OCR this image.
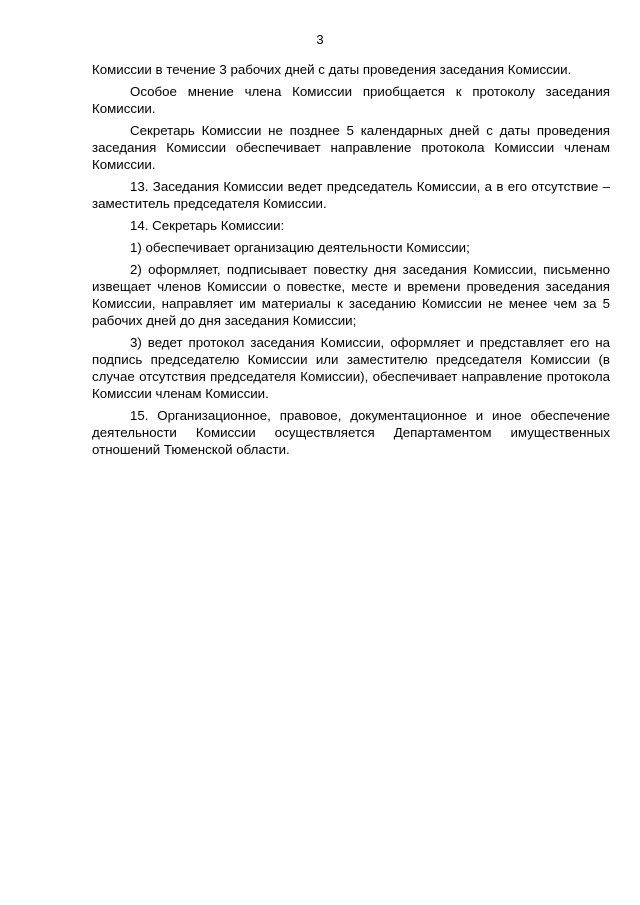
3

Комиссии в течение 3 рабочих дней с даты проведения заседания Комиссии.

Особое мнение члена Комиссии приобщается к протоколу заседания Комиссии.

Секретарь Комиссии не позднее 5 календарных дней с даты проведения заседания Комиссии обеспечивает направление протокола Комиссии членам Комиссии.

13. Заседания Комиссии ведет председатель Комиссии, а в его отсутствие – заместитель председателя Комиссии.

14. Секретарь Комиссии:

1) обеспечивает организацию деятельности Комиссии;

2) оформляет, подписывает повестку дня заседания Комиссии, письменно извещает членов Комиссии о повестке, месте и времени проведения заседания Комиссии, направляет им материалы к заседанию Комиссии не менее чем за 5 рабочих дней до дня заседания Комиссии;

3) ведет протокол заседания Комиссии, оформляет и представляет его на подпись председателю Комиссии или заместителю председателя Комиссии (в случае отсутствия председателя Комиссии), обеспечивает направление протокола Комиссии членам Комиссии.

15. Организационное, правовое, документационное и иное обеспечение деятельности Комиссии осуществляется Департаментом имущественных отношений Тюменской области.
